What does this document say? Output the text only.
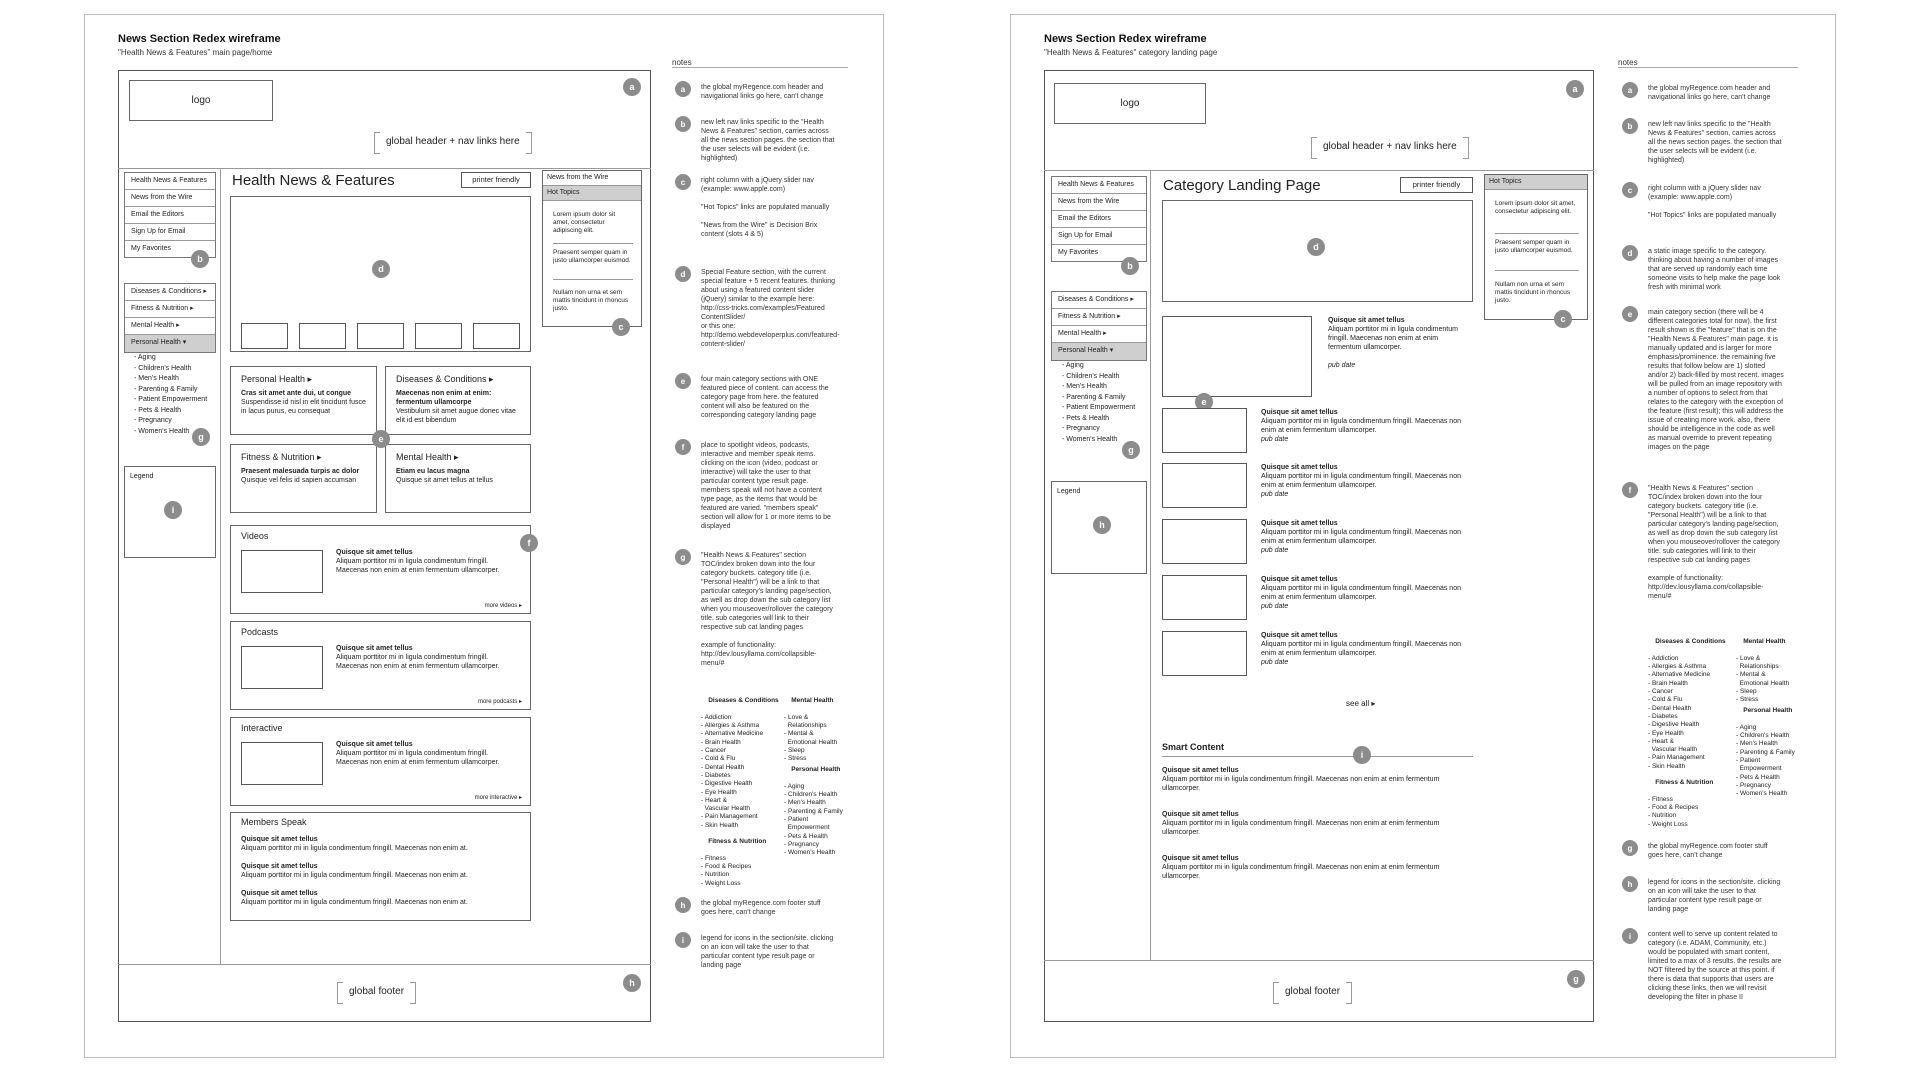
News Section Redex wireframe
"Health News & Features" main page/home
logo
global header + nav links here
a
Health News & Features
News from the Wire
Email the Editors
Sign Up for Email
My Favorites
b
Diseases & Conditions ▸
Fitness & Nutrition ▸
Mental Health ▸
Personal Health ▾
- Aging
- Children's Health
- Men's Health
- Parenting & Family
- Patient Empowerment
- Pets & Health
- Pregnancy
- Women's Health
g
Legend
i
Health News & Features	printer friendly
d
Personal Health ▸
Cras sit amet ante dui, ut congue
Suspendisse id nisl in elit tincidunt fusce in lacus purus, eu consequat
Diseases & Conditions ▸
Maecenas non enim at enim: fermentum ullamcorpe
Vestibulum sit amet augue donec vitae elit id est bibendum
Fitness & Nutrition ▸
Praesent malesuada turpis ac dolor
Quisque vel felis id sapien accumsan
Mental Health ▸
Etiam eu lacus magna
Quisque sit amet tellus at tellus
e
Videos
Quisque sit amet tellus
Aliquam porttitor mi in ligula condimentum fringill. Maecenas non enim at enim fermentum ullamcorper.
more videos ▸
f
Podcasts
Quisque sit amet tellus
Aliquam porttitor mi in ligula condimentum fringill. Maecenas non enim at enim fermentum ullamcorper.
more podcasts ▸
Interactive
Quisque sit amet tellus
Aliquam porttitor mi in ligula condimentum fringill. Maecenas non enim at enim fermentum ullamcorper.
more interactive ▸
Members Speak
Quisque sit amet tellus
Aliquam porttitor mi in ligula condimentum fringill. Maecenas non enim at.
Quisque sit amet tellus
Aliquam porttitor mi in ligula condimentum fringill. Maecenas non enim at.
Quisque sit amet tellus
Aliquam porttitor mi in ligula condimentum fringill. Maecenas non enim at.
News from the Wire
Hot Topics
Lorem ipsum dolor sit amet, consectetur adipiscing elit.
Praesent semper quam in justo ullamcorper euismod.
Nullam non urna et sem mattis tincidunt in rhoncus justo.
c
global footer
h
notes
a	the global myRegence.com header and navigational links go here, can't change
b	new left nav links specific to the "Health News & Features" section, carries across all the news section pages. the section that the user selects will be evident (i.e. highlighted)
c	right column with a jQuery slider nav (example: www.apple.com)

"Hot Topics" links are populated manually

"News from the Wire" is Decision Brix content (slots 4 & 5)
d	Special Feature section, with the current special feature + 5 recent features. thinking about using a featured content slider (jQuery) similar to the example here:
http://css-tricks.com/examples/Featured ContentSlider/
or this one:
http://demo.webdeveloperplus.com/featured-content-slider/
e	four main category sections with ONE featured piece of content. can access the category page from here. the featured content will also be featured on the corresponding category landing page
f	place to spotlight videos, podcasts, interactive and member speak items. clicking on the icon (video, podcast or interactive) will take the user to that particular content type result page. members speak will not have a content type page, as the items that would be featured are varied. "members speak" section will allow for 1 or more items to be displayed
g	"Health News & Features" section TOC/index broken down into the four category buckets. category title (i.e. "Personal Health") will be a link to that particular category's landing page/section, as well as drop down the sub category list when you mouseover/rollover the category title. sub categories will link to their respective sub cat landing pages

example of functionality:
http://dev.lousyllama.com/collapsible-menu/#

Diseases & Conditions

- Addiction
- Allergies & Asthma
- Alternative Medicine
- Brain Health
- Cancer
- Cold & Flu
- Dental Health
- Diabetes
- Digestive Health
- Eye Health
- Heart &
Vascular Health
- Pain Management
- Skin Health

Fitness & Nutrition

- Fitness
- Food & Recipes
- Nutrition
- Weight Loss

Mental Health

- Love &
Relationships
- Mental &
Emotional Health
- Sleep
- Stress

Personal Health

- Aging
- Children's Health
- Men's Health
- Parenting & Family
- Patient
Empowerment
- Pets & Health
- Pregnancy
- Women's Health

h	the global myRegence.com footer stuff goes here, can't change
i	legend for icons in the section/site. clicking on an icon will take the user to that particular content type result page or landing page
News Section Redex wireframe
"Health News & Features" category landing page
logo
global header + nav links here
a
Health News & Features
News from the Wire
Email the Editors
Sign Up for Email
My Favorites
b
Diseases & Conditions ▸
Fitness & Nutrition ▸
Mental Health ▸
Personal Health ▾
- Aging
- Children's Health
- Men's Health
- Parenting & Family
- Patient Empowerment
- Pets & Health
- Pregnancy
- Women's Health
g
Legend
h
Category Landing Page	printer friendly
d
Hot Topics
Lorem ipsum dolor sit amet, consectetur adipiscing elit.
Praesent semper quam in justo ullamcorper euismod.
Nullam non urna et sem mattis tincidunt in rhoncus justo.
c
Quisque sit amet tellus
Aliquam porttitor mi in ligula condimentum fringill. Maecenas non enim at enim fermentum ullamcorper.

pub date
e
Quisque sit amet tellus
Aliquam porttitor mi in ligula condimentum fringill. Maecenas non enim at enim fermentum ullamcorper.
pub date
Quisque sit amet tellus
Aliquam porttitor mi in ligula condimentum fringill. Maecenas non enim at enim fermentum ullamcorper.
pub date
Quisque sit amet tellus
Aliquam porttitor mi in ligula condimentum fringill. Maecenas non enim at enim fermentum ullamcorper.
pub date
Quisque sit amet tellus
Aliquam porttitor mi in ligula condimentum fringill. Maecenas non enim at enim fermentum ullamcorper.
pub date
Quisque sit amet tellus
Aliquam porttitor mi in ligula condimentum fringill. Maecenas non enim at enim fermentum ullamcorper.
pub date
see all ▸
Smart Content
i
Quisque sit amet tellus
Aliquam porttitor mi in ligula condimentum fringill. Maecenas non enim at enim fermentum ullamcorper.
Quisque sit amet tellus
Aliquam porttitor mi in ligula condimentum fringill. Maecenas non enim at enim fermentum ullamcorper.
Quisque sit amet tellus
Aliquam porttitor mi in ligula condimentum fringill. Maecenas non enim at enim fermentum ullamcorper.
global footer
g
notes
a	the global myRegence.com header and navigational links go here, can't change
b	new left nav links specific to the "Health News & Features" section, carries across all the news section pages. the section that the user selects will be evident (i.e. highlighted)
c	right column with a jQuery slider nav (example: www.apple.com)

"Hot Topics" links are populated manually
d	a static image specific to the category. thinking about having a number of images that are served up randomly each time someone visits to help make the page look fresh with minimal work
e	main category section (there will be 4 different categories total for now). the first result shown is the "feature" that is on the "Health News & Features" main page. it is manually updated and is larger for more emphasis/prominence. the remaining five results that follow below are 1) slotted and/or 2) back-filled by most recent. images will be pulled from an image repository with a number of options to select from that relates to the category with the exception of the feature (first result); this will address the issue of creating more work. also, there should be intelligence in the code as well as manual override to prevent repeating images on the page
f	"Health News & Features" section TOC/index broken down into the four category buckets. category title (i.e. "Personal Health") will be a link to that particular category's landing page/section, as well as drop down the sub category list when you mouseover/rollover the category title. sub categories will link to their respective sub cat landing pages

example of functionality:
http://dev.lousyllama.com/collapsible-menu/#

Diseases & Conditions

- Addiction
- Allergies & Asthma
- Alternative Medicine
- Brain Health
- Cancer
- Cold & Flu
- Dental Health
- Diabetes
- Digestive Health
- Eye Health
- Heart &
Vascular Health
- Pain Management
- Skin Health

Fitness & Nutrition

- Fitness
- Food & Recipes
- Nutrition
- Weight Loss

Mental Health

- Love &
Relationships
- Mental &
Emotional Health
- Sleep
- Stress

Personal Health

- Aging
- Children's Health
- Men's Health
- Parenting & Family
- Patient
Empowerment
- Pets & Health
- Pregnancy
- Women's Health

g	the global myRegence.com footer stuff goes here, can't change
h	legend for icons in the section/site. clicking on an icon will take the user to that particular content type result page or landing page
i	content well to serve up content related to category (i.e. ADAM, Community, etc.) would be populated with smart content, limited to a max of 3 results. the results are NOT filtered by the source at this point. if there is data that supports that users are clicking these links, then we will revisit developing the filter in phase II
